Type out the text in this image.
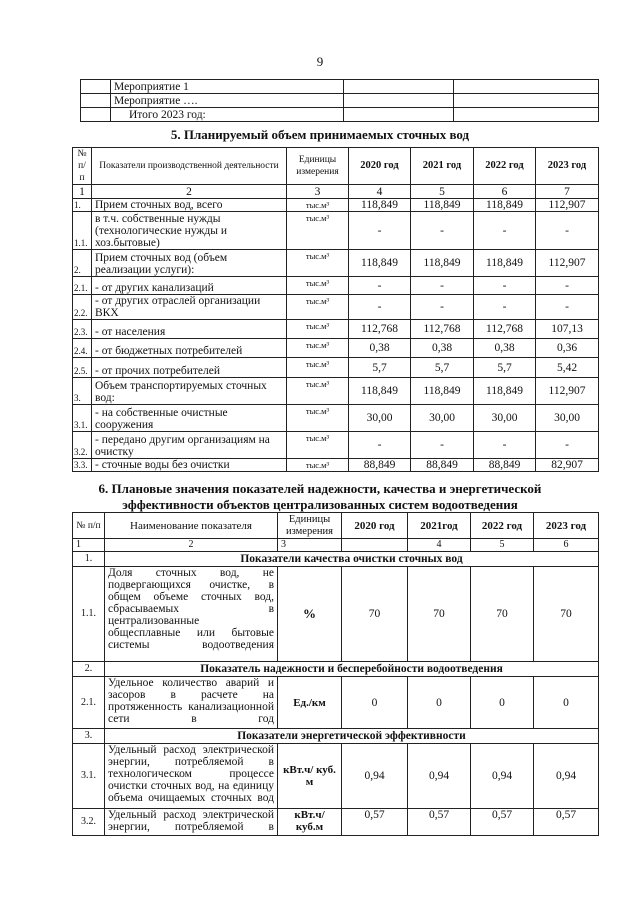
9
	Мероприятие 1		
	Мероприятие ….		
	Итого 2023 год:		
5. Планируемый объем принимаемых сточных вод
№ п/п	Показатели производственной деятельности	Единицы измерения	2020 год	2021 год	2022 год	2023 год
1	2	3	4	5	6	7
1.	Прием сточных вод, всего	тыс.м³	118,849	118,849	118,849	112,907
1.1.	в т.ч. собственные нужды (технологические нужды и хоз.бытовые)	тыс.м³	-	-	-	-
2.	Прием сточных вод (объем реализации услуги):	тыс.м³	118,849	118,849	118,849	112,907
2.1.	- от других канализаций	тыс.м³	-	-	-	-
2.2.	- от других отраслей организации ВКХ	тыс.м³	-	-	-	-
2.3.	- от населения	тыс.м³	112,768	112,768	112,768	107,13
2.4.	- от бюджетных потребителей	тыс.м³	0,38	0,38	0,38	0,36
2.5.	- от прочих потребителей	тыс.м³	5,7	5,7	5,7	5,42
3.	Объем транспортируемых сточных вод:	тыс.м³	118,849	118,849	118,849	112,907
3.1.	- на собственные очистные сооружения	тыс.м³	30,00	30,00	30,00	30,00
3.2.	- передано другим организациям на очистку	тыс.м³	-	-	-	-
3.3.	- сточные воды без очистки	тыс.м³	88,849	88,849	88,849	82,907
6. Плановые значения показателей надежности, качества и энергетической
эффективности объектов централизованных систем водоотведения
№ п/п	Наименование показателя	Единицы измерения	2020 год	2021год	2022 год	2023 год
1	2	3		4	5	6
1.	Показатели качества очистки сточных вод					
1.1.	Доля сточных вод, не подвергающихся очистке, в общем объеме сточных вод, сбрасываемых в централизованные общесплавные или бытовые системы водоотведения	%	70	70	70	70
2.	Показатель надежности и бесперебойности водоотведения					
2.1.	Удельное количество аварий и засоров в расчете на протяженность канализационной сети в год	Ед./км	0	0	0	0
3.	Показатели энергетической эффективности					
3.1.	Удельный расход электрической энергии, потребляемой в технологическом процессе очистки сточных вод, на единицу объема очищаемых сточных вод	кВт.ч/ куб. м	0,94	0,94	0,94	0,94
3.2.	Удельный расход электрической энергии, потребляемой в	кВт.ч/ куб.м	0,57	0,57	0,57	0,57
